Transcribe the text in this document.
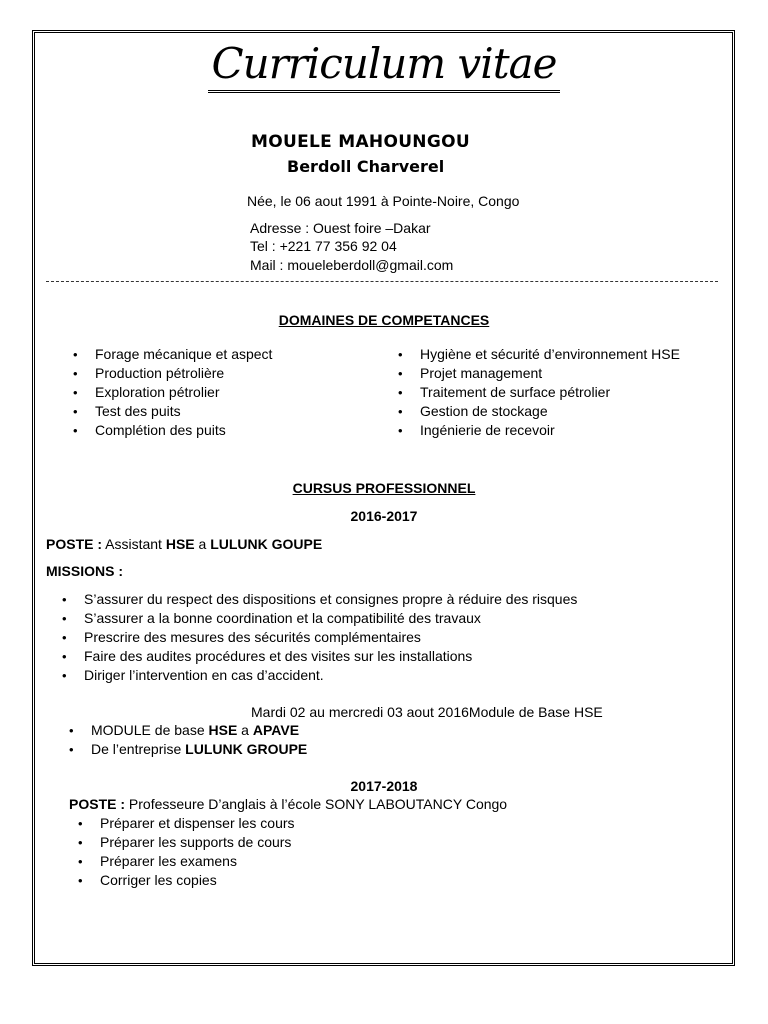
Curriculum vitae
MOUELE MAHOUNGOU
Berdoll Charverel
Née, le 06 aout 1991 à Pointe-Noire, Congo
Adresse : Ouest foire –Dakar
Tel : +221 77 356 92 04
Mail : moueleberdoll@gmail.com
DOMAINES DE COMPETANCES
• Forage mécanique et aspect
• Production pétrolière
• Exploration pétrolier
• Test des puits
• Complétion des puits
• Hygiène et sécurité d’environnement HSE
• Projet management
• Traitement de surface pétrolier
• Gestion de stockage
• Ingénierie de recevoir
CURSUS PROFESSIONNEL
2016-2017
POSTE : Assistant HSE a LULUNK GOUPE
MISSIONS :
• S’assurer du respect des dispositions et consignes propre à réduire des risques
• S’assurer a la bonne coordination et la compatibilité des travaux
• Prescrire des mesures des sécurités complémentaires
• Faire des audites procédures et des visites sur les installations
• Diriger l’intervention en cas d’accident.
Mardi 02 au mercredi 03 aout 2016Module de Base HSE
• MODULE de base HSE a APAVE
• De l’entreprise LULUNK GROUPE
2017-2018
POSTE : Professeure D’anglais à l’école SONY LABOUTANCY Congo
• Préparer et dispenser les cours
• Préparer les supports de cours
• Préparer les examens
• Corriger les copies
